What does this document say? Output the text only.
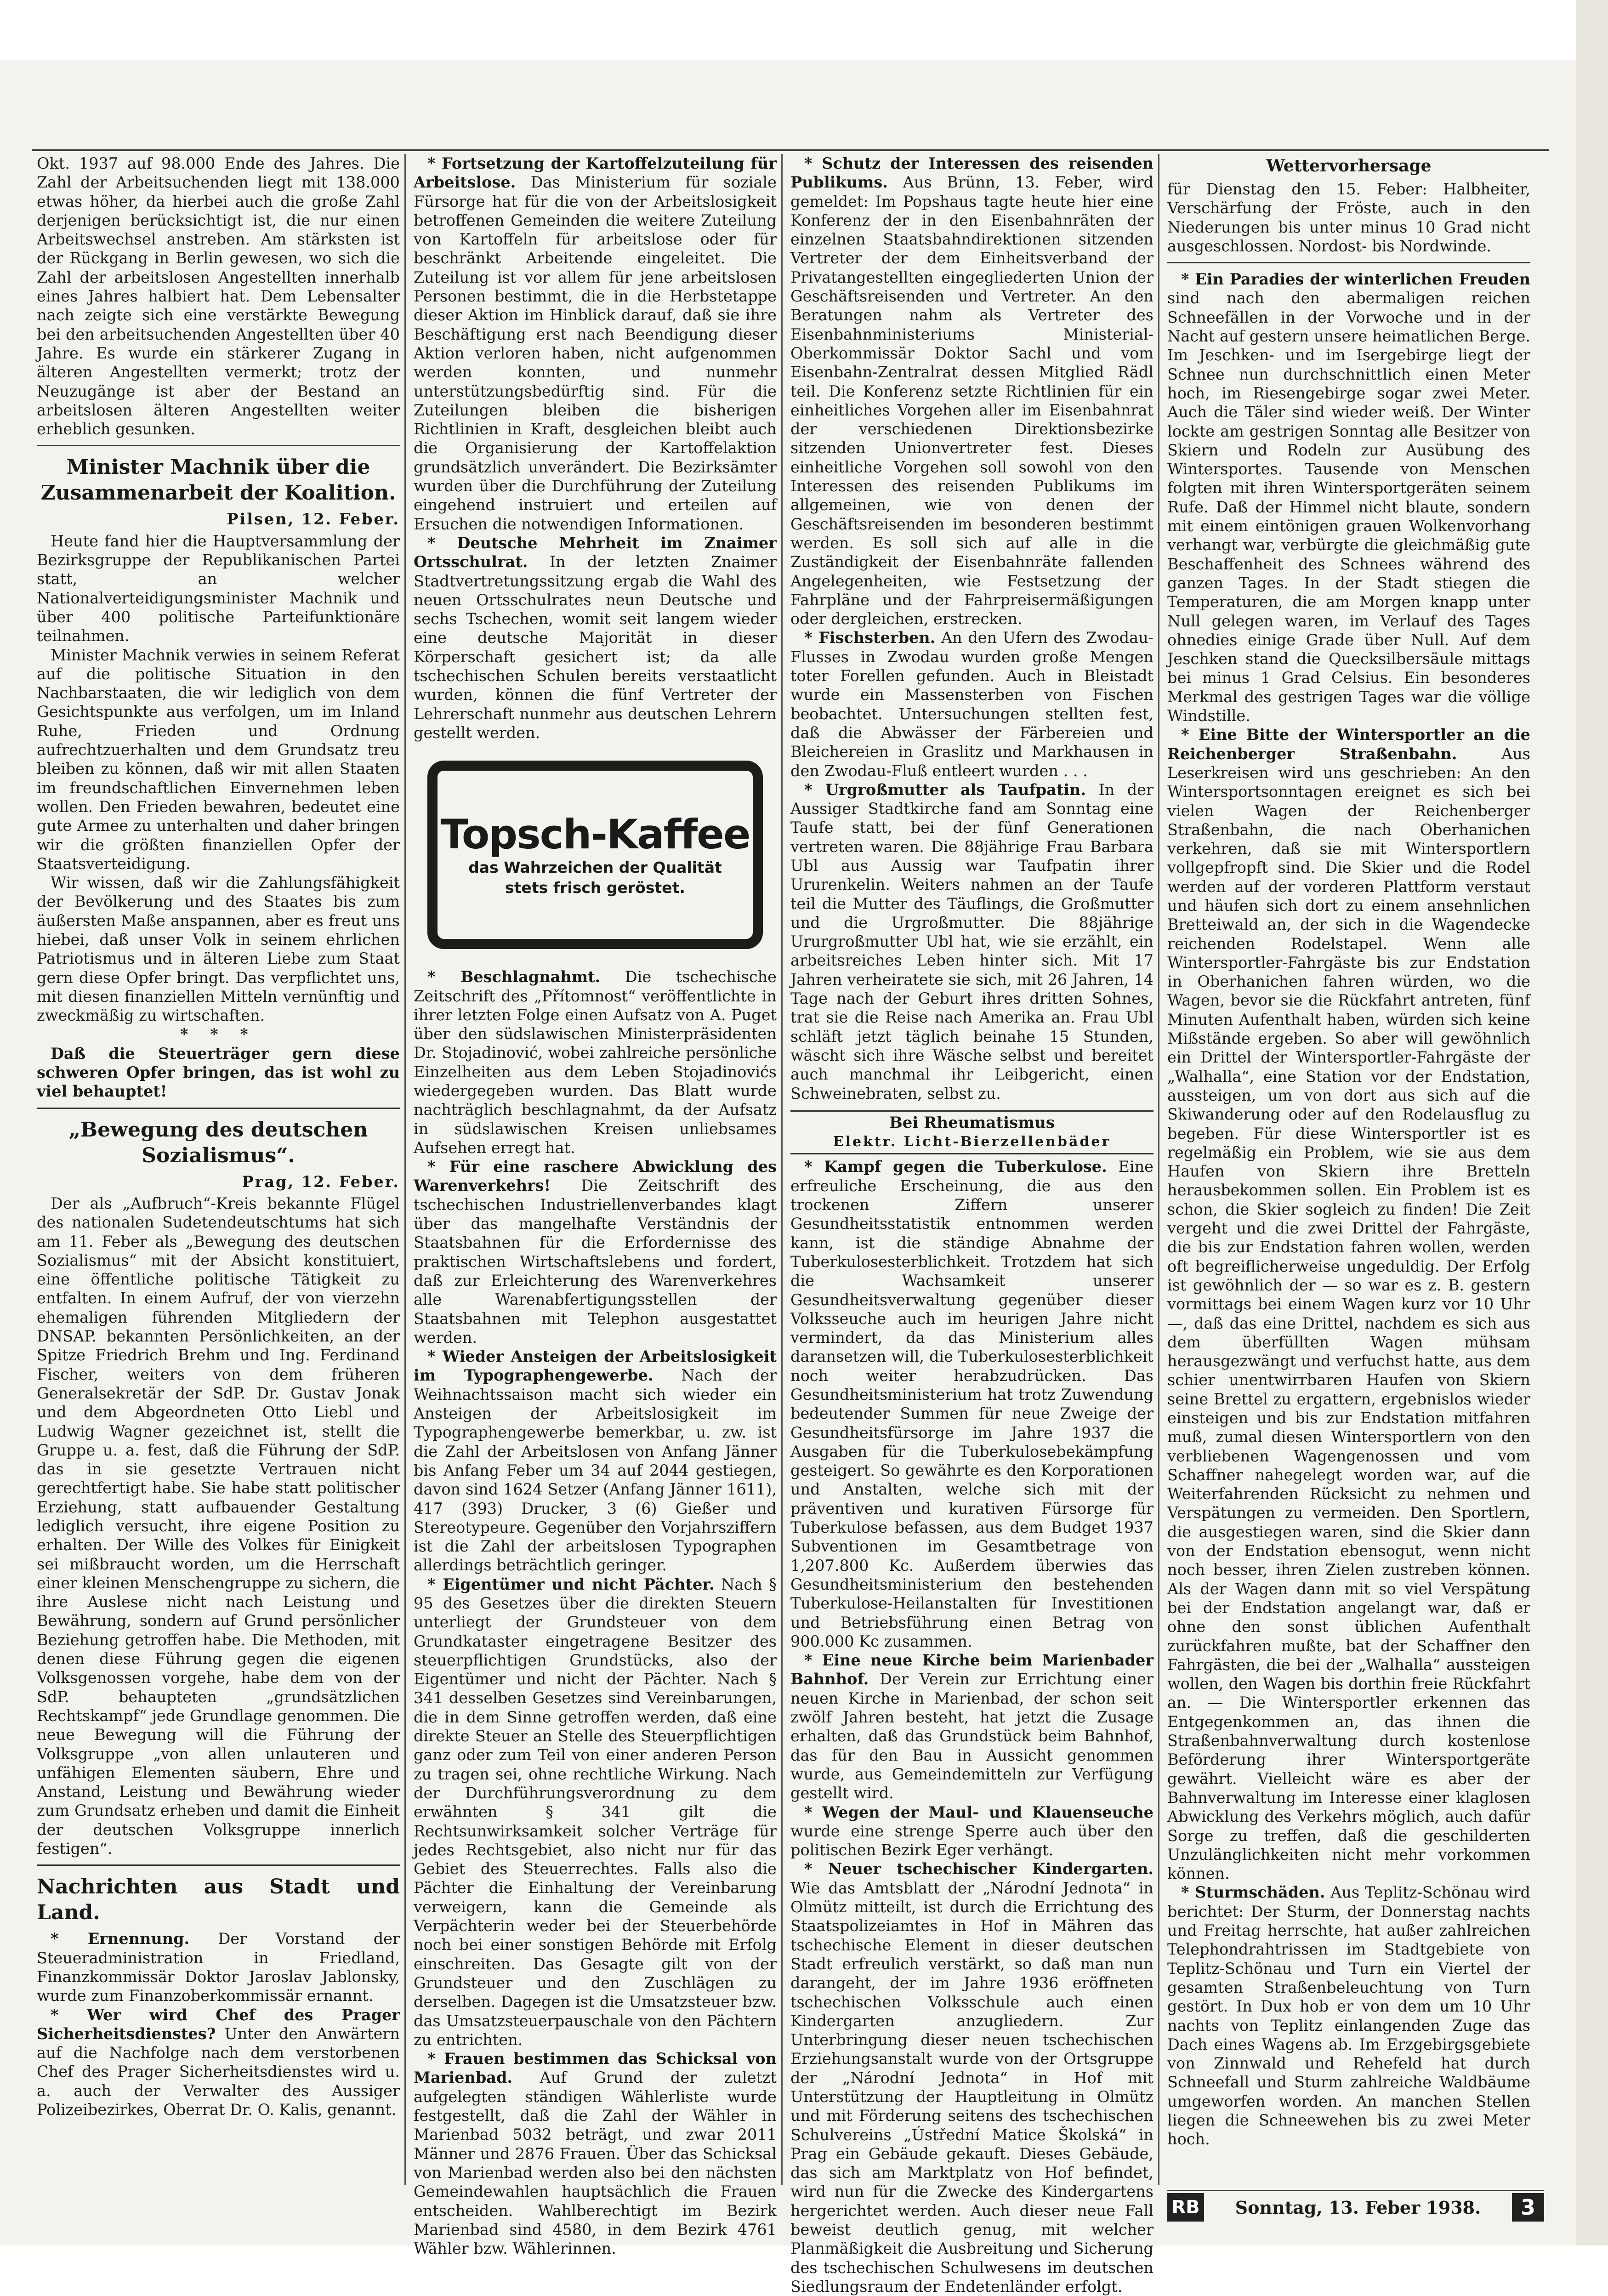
Okt. 1937 auf 98.000 Ende des Jahres. Die Zahl der Arbeitsuchenden liegt mit 138.000 etwas höher, da hierbei auch die große Zahl derjenigen berücksichtigt ist, die nur einen Arbeitswechsel anstreben. Am stärksten ist der Rückgang in Berlin gewesen, wo sich die Zahl der arbeitslosen Angestellten innerhalb eines Jahres halbiert hat. Dem Lebensalter nach zeigte sich eine verstärkte Bewegung bei den arbeitsuchenden Angestellten über 40 Jahre. Es wurde ein stärkerer Zugang in älteren Angestellten vermerkt; trotz der Neuzugänge ist aber der Bestand an arbeitslosen älteren Angestellten weiter erheblich gesunken.

Minister Machnik über die Zusammenarbeit der Koalition.
Pilsen, 12. Feber.

Heute fand hier die Hauptversammlung der Bezirksgruppe der Republikanischen Partei statt, an welcher Nationalverteidigungsminister Machnik und über 400 politische Parteifunktionäre teilnahmen.

Minister Machnik verwies in seinem Referat auf die politische Situation in den Nachbarstaaten, die wir lediglich von dem Gesichtspunkte aus verfolgen, um im Inland Ruhe, Frieden und Ordnung aufrechtzuerhalten und dem Grundsatz treu bleiben zu können, daß wir mit allen Staaten im freundschaftlichen Einvernehmen leben wollen. Den Frieden bewahren, bedeutet eine gute Armee zu unterhalten und daher bringen wir die größten finanziellen Opfer der Staatsverteidigung.

Wir wissen, daß wir die Zahlungsfähigkeit der Bevölkerung und des Staates bis zum äußersten Maße anspannen, aber es freut uns hiebei, daß unser Volk in seinem ehrlichen Patriotismus und in älteren Liebe zum Staat gern diese Opfer bringt. Das verpflichtet uns, mit diesen finanziellen Mitteln vernünftig und zweckmäßig zu wirtschaften.

* * *

Daß die Steuerträger gern diese schweren Opfer bringen, das ist wohl zu viel behauptet!

„Bewegung des deutschen Sozialismus“.
Prag, 12. Feber.

Der als „Aufbruch“-Kreis bekannte Flügel des nationalen Sudetendeutschtums hat sich am 11. Feber als „Bewegung des deutschen Sozialismus“ mit der Absicht konstituiert, eine öffentliche politische Tätigkeit zu entfalten. In einem Aufruf, der von vierzehn ehemaligen führenden Mitgliedern der DNSAP. bekannten Persönlichkeiten, an der Spitze Friedrich Brehm und Ing. Ferdinand Fischer, weiters von dem früheren Generalsekretär der SdP. Dr. Gustav Jonak und dem Abgeordneten Otto Liebl und Ludwig Wagner gezeichnet ist, stellt die Gruppe u. a. fest, daß die Führung der SdP. das in sie gesetzte Vertrauen nicht gerechtfertigt habe. Sie habe statt politischer Erziehung, statt aufbauender Gestaltung lediglich versucht, ihre eigene Position zu erhalten. Der Wille des Volkes für Einigkeit sei mißbraucht worden, um die Herrschaft einer kleinen Menschengruppe zu sichern, die ihre Auslese nicht nach Leistung und Bewährung, sondern auf Grund persönlicher Beziehung getroffen habe. Die Methoden, mit denen diese Führung gegen die eigenen Volksgenossen vorgehe, habe dem von der SdP. behaupteten „grundsätzlichen Rechtskampf“ jede Grundlage genommen. Die neue Bewegung will die Führung der Volksgruppe „von allen unlauteren und unfähigen Elementen säubern, Ehre und Anstand, Leistung und Bewährung wieder zum Grundsatz erheben und damit die Einheit der deutschen Volksgruppe innerlich festigen“.

Nachrichten aus Stadt und Land.

* Ernennung. Der Vorstand der Steueradministration in Friedland, Finanzkommissär Doktor Jaroslav Jablonsky, wurde zum Finanzoberkommissär ernannt.

* Wer wird Chef des Prager Sicherheitsdienstes? Unter den Anwärtern auf die Nachfolge nach dem verstorbenen Chef des Prager Sicherheitsdienstes wird u. a. auch der Verwalter des Aussiger Polizeibezirkes, Oberrat Dr. O. Kalis, genannt.

* Fortsetzung der Kartoffelzuteilung für Arbeitslose. Das Ministerium für soziale Fürsorge hat für die von der Arbeitslosigkeit betroffenen Gemeinden die weitere Zuteilung von Kartoffeln für arbeitslose oder für beschränkt Arbeitende eingeleitet. Die Zuteilung ist vor allem für jene arbeitslosen Personen bestimmt, die in die Herbstetappe dieser Aktion im Hinblick darauf, daß sie ihre Beschäftigung erst nach Beendigung dieser Aktion verloren haben, nicht aufgenommen werden konnten, und nunmehr unterstützungsbedürftig sind. Für die Zuteilungen bleiben die bisherigen Richtlinien in Kraft, desgleichen bleibt auch die Organisierung der Kartoffelaktion grundsätzlich unverändert. Die Bezirksämter wurden über die Durchführung der Zuteilung eingehend instruiert und erteilen auf Ersuchen die notwendigen Informationen.

* Deutsche Mehrheit im Znaimer Ortsschulrat. In der letzten Znaimer Stadtvertretungssitzung ergab die Wahl des neuen Ortsschulrates neun Deutsche und sechs Tschechen, womit seit langem wieder eine deutsche Majorität in dieser Körperschaft gesichert ist; da alle tschechischen Schulen bereits verstaatlicht wurden, können die fünf Vertreter der Lehrerschaft nunmehr aus deutschen Lehrern gestellt werden.

Topsch-Kaffee
das Wahrzeichen der Qualität
stets frisch geröstet.

* Beschlagnahmt. Die tschechische Zeitschrift des „Přítomnost“ veröffentlichte in ihrer letzten Folge einen Aufsatz von A. Puget über den südslawischen Ministerpräsidenten Dr. Stojadinović, wobei zahlreiche persönliche Einzelheiten aus dem Leben Stojadinovićs wiedergegeben wurden. Das Blatt wurde nachträglich beschlagnahmt, da der Aufsatz in südslawischen Kreisen unliebsames Aufsehen erregt hat.

* Für eine raschere Abwicklung des Warenverkehrs! Die Zeitschrift des tschechischen Industriellenverbandes klagt über das mangelhafte Verständnis der Staatsbahnen für die Erfordernisse des praktischen Wirtschaftslebens und fordert, daß zur Erleichterung des Warenverkehres alle Warenabfertigungsstellen der Staatsbahnen mit Telephon ausgestattet werden.

* Wieder Ansteigen der Arbeitslosigkeit im Typographengewerbe. Nach der Weihnachtssaison macht sich wieder ein Ansteigen der Arbeitslosigkeit im Typographengewerbe bemerkbar, u. zw. ist die Zahl der Arbeitslosen von Anfang Jänner bis Anfang Feber um 34 auf 2044 gestiegen, davon sind 1624 Setzer (Anfang Jänner 1611), 417 (393) Drucker, 3 (6) Gießer und Stereotypeure. Gegenüber den Vorjahrsziffern ist die Zahl der arbeitslosen Typographen allerdings beträchtlich geringer.

* Eigentümer und nicht Pächter. Nach § 95 des Gesetzes über die direkten Steuern unterliegt der Grundsteuer von dem Grundkataster eingetragene Besitzer des steuerpflichtigen Grundstücks, also der Eigentümer und nicht der Pächter. Nach § 341 desselben Gesetzes sind Vereinbarungen, die in dem Sinne getroffen werden, daß eine direkte Steuer an Stelle des Steuerpflichtigen ganz oder zum Teil von einer anderen Person zu tragen sei, ohne rechtliche Wirkung. Nach der Durchführungsverordnung zu dem erwähnten § 341 gilt die Rechtsunwirksamkeit solcher Verträge für jedes Rechtsgebiet, also nicht nur für das Gebiet des Steuerrechtes. Falls also die Pächter die Einhaltung der Vereinbarung verweigern, kann die Gemeinde als Verpächterin weder bei der Steuerbehörde noch bei einer sonstigen Behörde mit Erfolg einschreiten. Das Gesagte gilt von der Grundsteuer und den Zuschlägen zu derselben. Dagegen ist die Umsatzsteuer bzw. das Umsatzsteuerpauschale von den Pächtern zu entrichten.

* Frauen bestimmen das Schicksal von Marienbad. Auf Grund der zuletzt aufgelegten ständigen Wählerliste wurde festgestellt, daß die Zahl der Wähler in Marienbad 5032 beträgt, und zwar 2011 Männer und 2876 Frauen. Über das Schicksal von Marienbad werden also bei den nächsten Gemeindewahlen hauptsächlich die Frauen entscheiden. Wahlberechtigt im Bezirk Marienbad sind 4580, in dem Bezirk 4761 Wähler bzw. Wählerinnen.

* Schutz der Interessen des reisenden Publikums. Aus Brünn, 13. Feber, wird gemeldet: Im Popshaus tagte heute hier eine Konferenz der in den Eisenbahnräten der einzelnen Staatsbahndirektionen sitzenden Vertreter der dem Einheitsverband der Privatangestellten eingegliederten Union der Geschäftsreisenden und Vertreter. An den Beratungen nahm als Vertreter des Eisenbahnministeriums Ministerial-Oberkommissär Doktor Sachl und vom Eisenbahn-Zentralrat dessen Mitglied Rädl teil. Die Konferenz setzte Richtlinien für ein einheitliches Vorgehen aller im Eisenbahnrat der verschiedenen Direktionsbezirke sitzenden Unionvertreter fest. Dieses einheitliche Vorgehen soll sowohl von den Interessen des reisenden Publikums im allgemeinen, wie von denen der Geschäftsreisenden im besonderen bestimmt werden. Es soll sich auf alle in die Zuständigkeit der Eisenbahnräte fallenden Angelegenheiten, wie Festsetzung der Fahrpläne und der Fahrpreisermäßigungen oder dergleichen, erstrecken.

* Fischsterben. An den Ufern des Zwodau-Flusses in Zwodau wurden große Mengen toter Forellen gefunden. Auch in Bleistadt wurde ein Massensterben von Fischen beobachtet. Untersuchungen stellten fest, daß die Abwässer der Färbereien und Bleichereien in Graslitz und Markhausen in den Zwodau-Fluß entleert wurden . . .

* Urgroßmutter als Taufpatin. In der Aussiger Stadtkirche fand am Sonntag eine Taufe statt, bei der fünf Generationen vertreten waren. Die 88jährige Frau Barbara Ubl aus Aussig war Taufpatin ihrer Ururenkelin. Weiters nahmen an der Taufe teil die Mutter des Täuflings, die Großmutter und die Urgroßmutter. Die 88jährige Ururgroßmutter Ubl hat, wie sie erzählt, ein arbeitsreiches Leben hinter sich. Mit 17 Jahren verheiratete sie sich, mit 26 Jahren, 14 Tage nach der Geburt ihres dritten Sohnes, trat sie die Reise nach Amerika an. Frau Ubl schläft jetzt täglich beinahe 15 Stunden, wäscht sich ihre Wäsche selbst und bereitet auch manchmal ihr Leibgericht, einen Schweinebraten, selbst zu.

Bei Rheumatismus
Elektr. Licht-Bierzellenbäder

* Kampf gegen die Tuberkulose. Eine erfreuliche Erscheinung, die aus den trockenen Ziffern unserer Gesundheitsstatistik entnommen werden kann, ist die ständige Abnahme der Tuberkulosesterblichkeit. Trotzdem hat sich die Wachsamkeit unserer Gesundheitsverwaltung gegenüber dieser Volksseuche auch im heurigen Jahre nicht vermindert, da das Ministerium alles daransetzen will, die Tuberkulosesterblichkeit noch weiter herabzudrücken. Das Gesundheitsministerium hat trotz Zuwendung bedeutender Summen für neue Zweige der Gesundheitsfürsorge im Jahre 1937 die Ausgaben für die Tuberkulosebekämpfung gesteigert. So gewährte es den Korporationen und Anstalten, welche sich mit der präventiven und kurativen Fürsorge für Tuberkulose befassen, aus dem Budget 1937 Subventionen im Gesamtbetrage von 1,207.800 Kc. Außerdem überwies das Gesundheitsministerium den bestehenden Tuberkulose-Heilanstalten für Investitionen und Betriebsführung einen Betrag von 900.000 Kc zusammen.

* Eine neue Kirche beim Marienbader Bahnhof. Der Verein zur Errichtung einer neuen Kirche in Marienbad, der schon seit zwölf Jahren besteht, hat jetzt die Zusage erhalten, daß das Grundstück beim Bahnhof, das für den Bau in Aussicht genommen wurde, aus Gemeindemitteln zur Verfügung gestellt wird.

* Wegen der Maul- und Klauenseuche wurde eine strenge Sperre auch über den politischen Bezirk Eger verhängt.

* Neuer tschechischer Kindergarten. Wie das Amtsblatt der „Národní Jednota“ in Olmütz mitteilt, ist durch die Errichtung des Staatspolizeiamtes in Hof in Mähren das tschechische Element in dieser deutschen Stadt erfreulich verstärkt, so daß man nun darangeht, der im Jahre 1936 eröffneten tschechischen Volksschule auch einen Kindergarten anzugliedern. Zur Unterbringung dieser neuen tschechischen Erziehungsanstalt wurde von der Ortsgruppe der „Národní Jednota“ in Hof mit Unterstützung der Hauptleitung in Olmütz und mit Förderung seitens des tschechischen Schulvereins „Ústřední Matice Školská“ in Prag ein Gebäude gekauft. Dieses Gebäude, das sich am Marktplatz von Hof befindet, wird nun für die Zwecke des Kindergartens hergerichtet werden. Auch dieser neue Fall beweist deutlich genug, mit welcher Planmäßigkeit die Ausbreitung und Sicherung des tschechischen Schulwesens im deutschen Siedlungsraum der Endetenländer erfolgt.

Wettervorhersage

für Dienstag den 15. Feber: Halbheiter, Verschärfung der Fröste, auch in den Niederungen bis unter minus 10 Grad nicht ausgeschlossen. Nordost- bis Nordwinde.

* Ein Paradies der winterlichen Freuden sind nach den abermaligen reichen Schneefällen in der Vorwoche und in der Nacht auf gestern unsere heimatlichen Berge. Im Jeschken- und im Isergebirge liegt der Schnee nun durchschnittlich einen Meter hoch, im Riesengebirge sogar zwei Meter. Auch die Täler sind wieder weiß. Der Winter lockte am gestrigen Sonntag alle Besitzer von Skiern und Rodeln zur Ausübung des Wintersportes. Tausende von Menschen folgten mit ihren Wintersportgeräten seinem Rufe. Daß der Himmel nicht blaute, sondern mit einem eintönigen grauen Wolkenvorhang verhangt war, verbürgte die gleichmäßig gute Beschaffenheit des Schnees während des ganzen Tages. In der Stadt stiegen die Temperaturen, die am Morgen knapp unter Null gelegen waren, im Verlauf des Tages ohnedies einige Grade über Null. Auf dem Jeschken stand die Quecksilbersäule mittags bei minus 1 Grad Celsius. Ein besonderes Merkmal des gestrigen Tages war die völlige Windstille.

* Eine Bitte der Wintersportler an die Reichenberger Straßenbahn. Aus Leserkreisen wird uns geschrieben: An den Wintersportsonntagen ereignet es sich bei vielen Wagen der Reichenberger Straßenbahn, die nach Oberhanichen verkehren, daß sie mit Wintersportlern vollgepfropft sind. Die Skier und die Rodel werden auf der vorderen Plattform verstaut und häufen sich dort zu einem ansehnlichen Bretteiwald an, der sich in die Wagendecke reichenden Rodelstapel. Wenn alle Wintersportler-Fahrgäste bis zur Endstation in Oberhanichen fahren würden, wo die Wagen, bevor sie die Rückfahrt antreten, fünf Minuten Aufenthalt haben, würden sich keine Mißstände ergeben. So aber will gewöhnlich ein Drittel der Wintersportler-Fahrgäste der „Walhalla“, eine Station vor der Endstation, aussteigen, um von dort aus sich auf die Skiwanderung oder auf den Rodelausflug zu begeben. Für diese Wintersportler ist es regelmäßig ein Problem, wie sie aus dem Haufen von Skiern ihre Bretteln herausbekommen sollen. Ein Problem ist es schon, die Skier sogleich zu finden! Die Zeit vergeht und die zwei Drittel der Fahrgäste, die bis zur Endstation fahren wollen, werden oft begreiflicherweise ungeduldig. Der Erfolg ist gewöhnlich der — so war es z. B. gestern vormittags bei einem Wagen kurz vor 10 Uhr —, daß das eine Drittel, nachdem es sich aus dem überfüllten Wagen mühsam herausgezwängt und verfuchst hatte, aus dem schier unentwirrbaren Haufen von Skiern seine Brettel zu ergattern, ergebnislos wieder einsteigen und bis zur Endstation mitfahren muß, zumal diesen Wintersportlern von den verbliebenen Wagengenossen und vom Schaffner nahegelegt worden war, auf die Weiterfahrenden Rücksicht zu nehmen und Verspätungen zu vermeiden. Den Sportlern, die ausgestiegen waren, sind die Skier dann von der Endstation ebensogut, wenn nicht noch besser, ihren Zielen zustreben können. Als der Wagen dann mit so viel Verspätung bei der Endstation angelangt war, daß er ohne den sonst üblichen Aufenthalt zurückfahren mußte, bat der Schaffner den Fahrgästen, die bei der „Walhalla“ aussteigen wollen, den Wagen bis dorthin freie Rückfahrt an. — Die Wintersportler erkennen das Entgegenkommen an, das ihnen die Straßenbahnverwaltung durch kostenlose Beförderung ihrer Wintersportgeräte gewährt. Vielleicht wäre es aber der Bahnverwaltung im Interesse einer klaglosen Abwicklung des Verkehrs möglich, auch dafür Sorge zu treffen, daß die geschilderten Unzulänglichkeiten nicht mehr vorkommen können.

* Sturmschäden. Aus Teplitz-Schönau wird berichtet: Der Sturm, der Donnerstag nachts und Freitag herrschte, hat außer zahlreichen Telephondrahtrissen im Stadtgebiete von Teplitz-Schönau und Turn ein Viertel der gesamten Straßenbeleuchtung von Turn gestört. In Dux hob er von dem um 10 Uhr nachts von Teplitz einlangenden Zuge das Dach eines Wagens ab. Im Erzgebirgsgebiete von Zinnwald und Rehefeld hat durch Schneefall und Sturm zahlreiche Waldbäume umgeworfen worden. An manchen Stellen liegen die Schneewehen bis zu zwei Meter hoch.

RB Sonntag, 13. Feber 1938.	3
